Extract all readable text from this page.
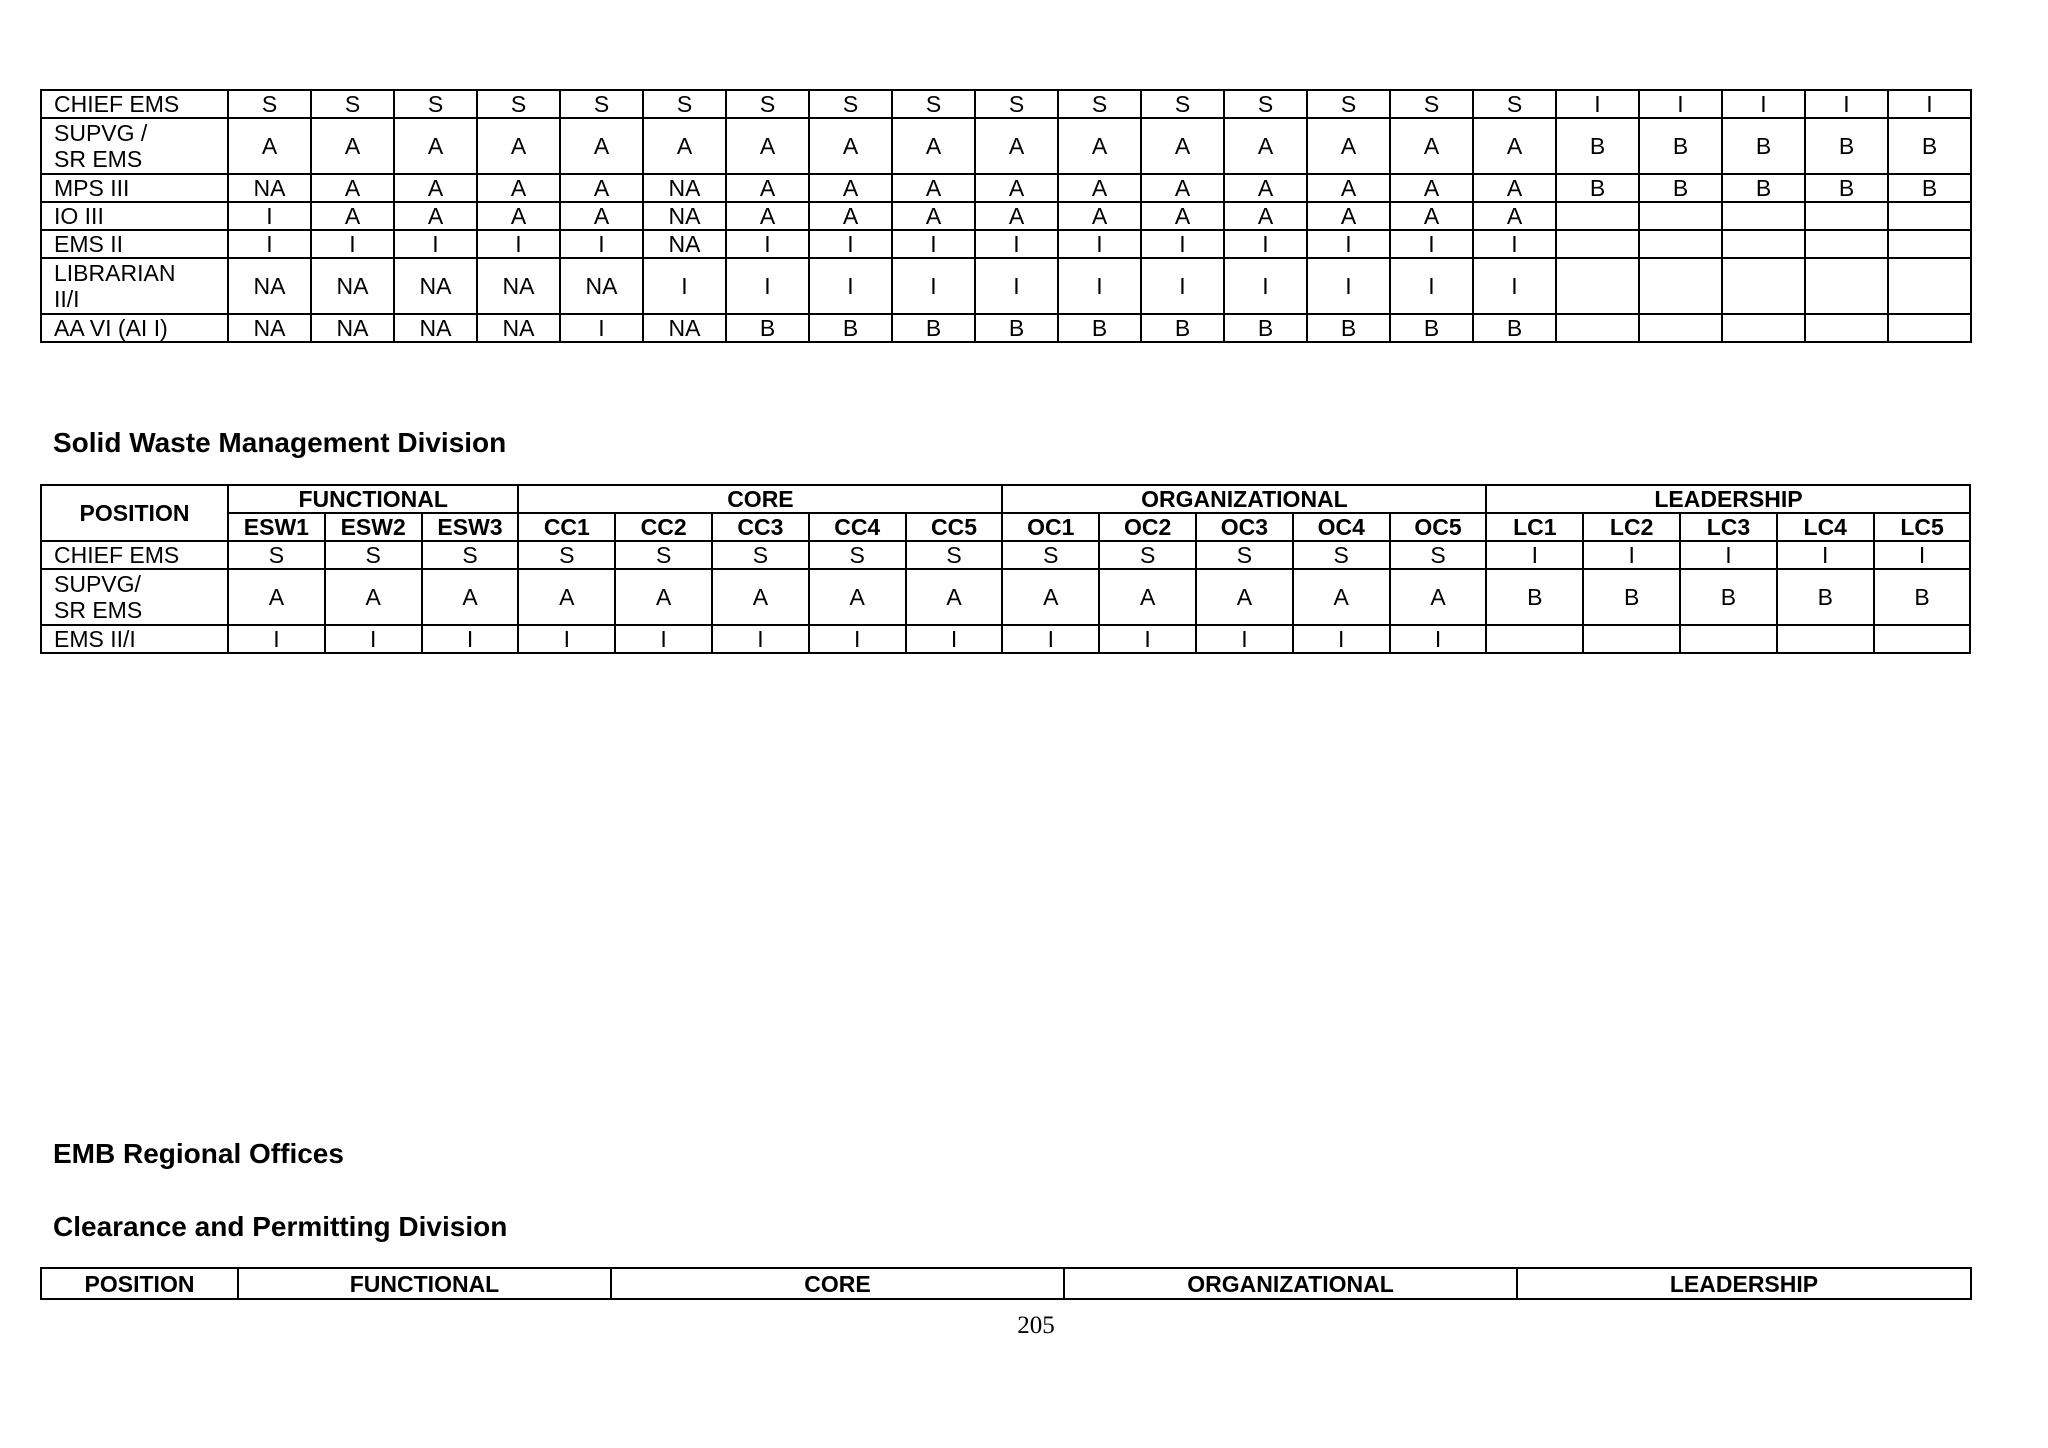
CHIEF EMS	S	S	S	S	S	S	S	S	S	S	S	S	S	S	S	S	I	I	I	I	I
SUPVG /
SR EMS	A	A	A	A	A	A	A	A	A	A	A	A	A	A	A	A	B	B	B	B	B
MPS III	NA	A	A	A	A	NA	A	A	A	A	A	A	A	A	A	A	B	B	B	B	B
IO III	I	A	A	A	A	NA	A	A	A	A	A	A	A	A	A	A					
EMS II	I	I	I	I	I	NA	I	I	I	I	I	I	I	I	I	I					
LIBRARIAN
II/I	NA	NA	NA	NA	NA	I	I	I	I	I	I	I	I	I	I	I					
AA VI (AI I)	NA	NA	NA	NA	I	NA	B	B	B	B	B	B	B	B	B	B					
Solid Waste Management Division
POSITION	FUNCTIONAL			CORE					ORGANIZATIONAL					LEADERSHIP				
	ESW1	ESW2	ESW3	CC1	CC2	CC3	CC4	CC5	OC1	OC2	OC3	OC4	OC5	LC1	LC2	LC3	LC4	LC5
CHIEF EMS	S	S	S	S	S	S	S	S	S	S	S	S	S	I	I	I	I	I
SUPVG/
SR EMS	A	A	A	A	A	A	A	A	A	A	A	A	A	B	B	B	B	B
EMS II/I	I	I	I	I	I	I	I	I	I	I	I	I	I					
EMB Regional Offices
Clearance and Permitting Division
POSITION	FUNCTIONAL	CORE	ORGANIZATIONAL	LEADERSHIP
205
